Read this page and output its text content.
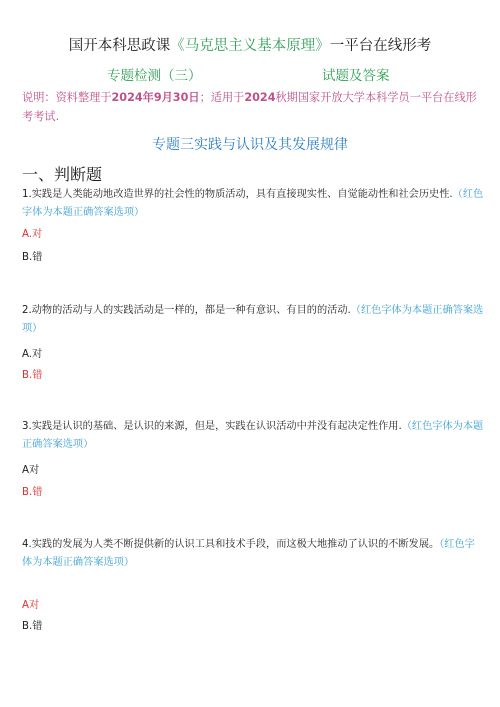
国开本科思政课《马克思主义基本原理》一平台在线形考
专题检测（三）	试题及答案
说明：资料整理于2024年9月30日；适用于2024秋期国家开放大学本科学员一平台在线形考考试.
专题三实践与认识及其发展规律
一、判断题
1.实践是人类能动地改造世界的社会性的物质活动，具有直接现实性、自觉能动性和社会历史性.（红色字体为本题正确答案选项）
A.对
B.错
2.动物的活动与人的实践活动是一样的，都是一种有意识、有目的的活动.（红色字体为本题正确答案选项）
A.对
B.错
3.实践是认识的基础、是认识的来源，但是，实践在认识活动中并没有起决定性作用.（红色字体为本题正确答案选项）
A对
B.错
4.实践的发展为人类不断提供新的认识工具和技术手段，而这极大地推动了认识的不断发展。（红色字体为本题正确答案选项）
A对
B.错
